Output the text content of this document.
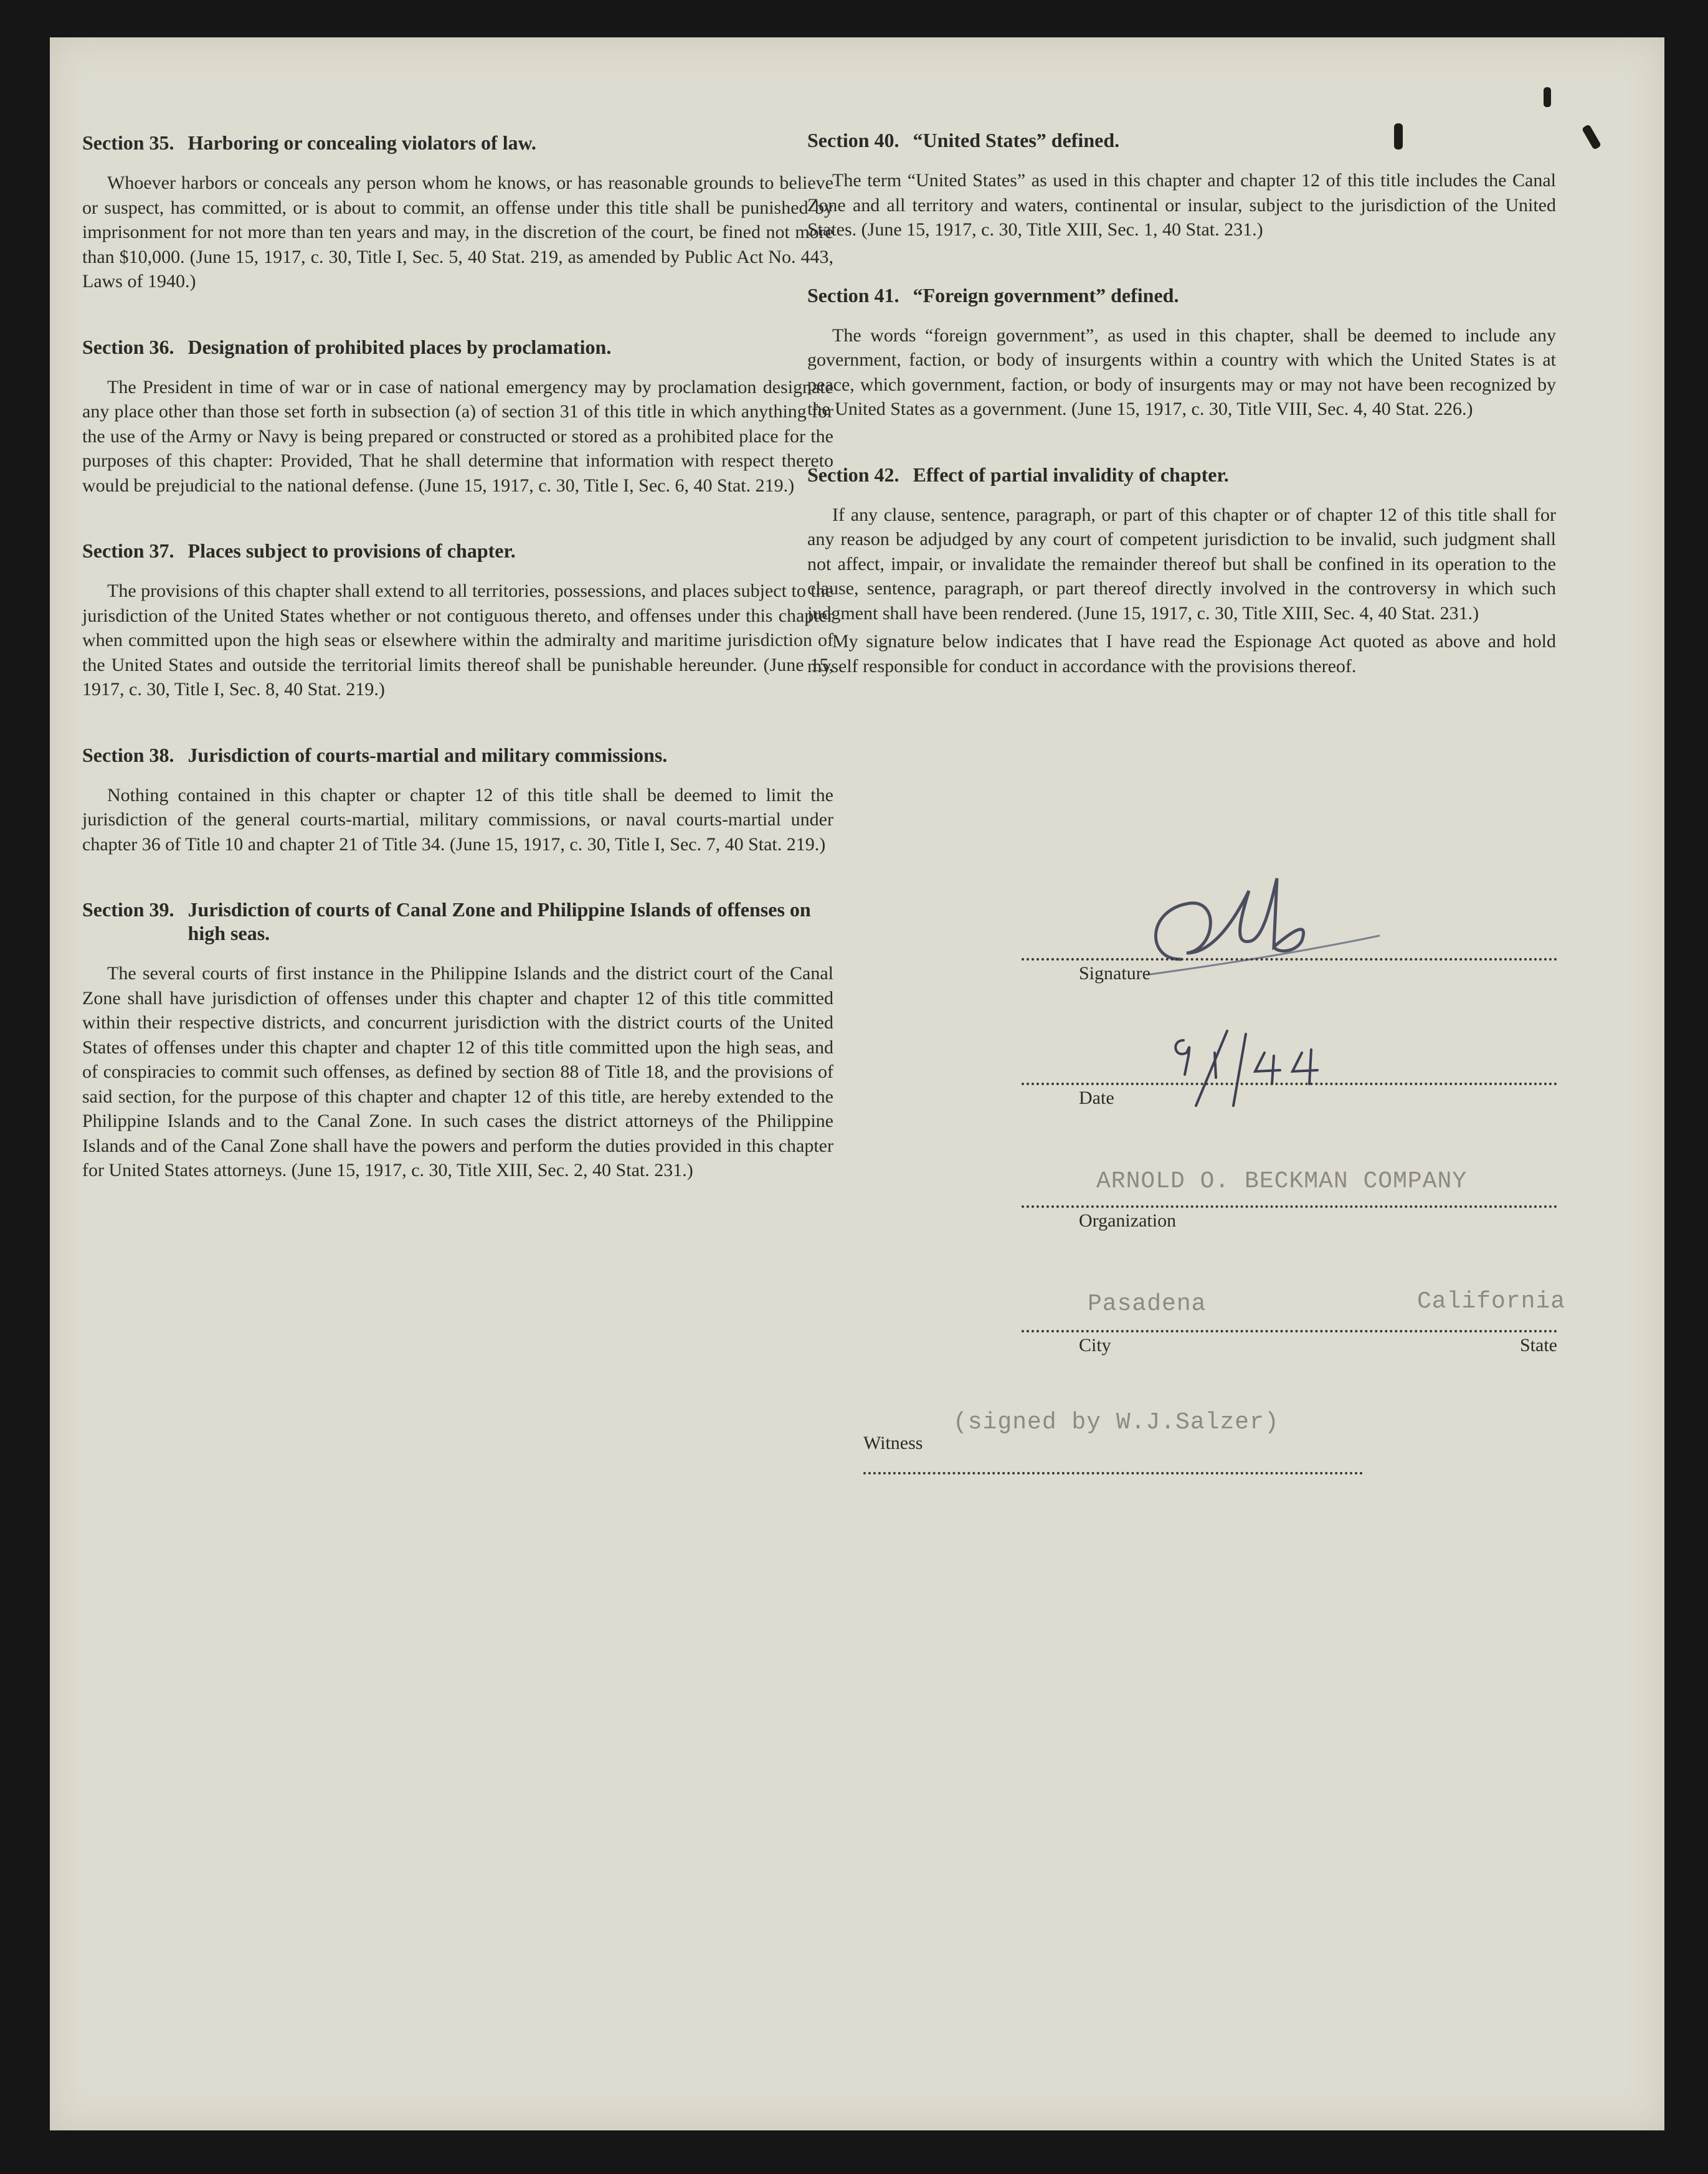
Section 35. Harboring or concealing violators of law.

Whoever harbors or conceals any person whom he knows, or has reasonable grounds to believe or suspect, has committed, or is about to commit, an offense under this title shall be punished by imprisonment for not more than ten years and may, in the discretion of the court, be fined not more than $10,000. (June 15, 1917, c. 30, Title I, Sec. 5, 40 Stat. 219, as amended by Public Act No. 443, Laws of 1940.)

Section 36. Designation of prohibited places by proclamation.

The President in time of war or in case of national emergency may by proclamation designate any place other than those set forth in subsection (a) of section 31 of this title in which anything for the use of the Army or Navy is being prepared or constructed or stored as a prohibited place for the purposes of this chapter: Provided, That he shall determine that information with respect thereto would be prejudicial to the national defense. (June 15, 1917, c. 30, Title I, Sec. 6, 40 Stat. 219.)

Section 37. Places subject to provisions of chapter.

The provisions of this chapter shall extend to all territories, possessions, and places subject to the jurisdiction of the United States whether or not contiguous thereto, and offenses under this chapter when committed upon the high seas or elsewhere within the admiralty and maritime jurisdiction of the United States and outside the territorial limits thereof shall be punishable hereunder. (June 15, 1917, c. 30, Title I, Sec. 8, 40 Stat. 219.)

Section 38. Jurisdiction of courts-martial and military commissions.

Nothing contained in this chapter or chapter 12 of this title shall be deemed to limit the jurisdiction of the general courts-martial, military commissions, or naval courts-martial under chapter 36 of Title 10 and chapter 21 of Title 34. (June 15, 1917, c. 30, Title I, Sec. 7, 40 Stat. 219.)

Section 39. Jurisdiction of courts of Canal Zone and Philippine Islands of offenses on high seas.

The several courts of first instance in the Philippine Islands and the district court of the Canal Zone shall have jurisdiction of offenses under this chapter and chapter 12 of this title committed within their respective districts, and concurrent jurisdiction with the district courts of the United States of offenses under this chapter and chapter 12 of this title committed upon the high seas, and of conspiracies to commit such offenses, as defined by section 88 of Title 18, and the provisions of said section, for the purpose of this chapter and chapter 12 of this title, are hereby extended to the Philippine Islands and to the Canal Zone. In such cases the district attorneys of the Philippine Islands and of the Canal Zone shall have the powers and perform the duties provided in this chapter for United States attorneys. (June 15, 1917, c. 30, Title XIII, Sec. 2, 40 Stat. 231.)

Section 40. “United States” defined.

The term “United States” as used in this chapter and chapter 12 of this title includes the Canal Zone and all territory and waters, continental or insular, subject to the jurisdiction of the United States. (June 15, 1917, c. 30, Title XIII, Sec. 1, 40 Stat. 231.)

Section 41. “Foreign government” defined.

The words “foreign government”, as used in this chapter, shall be deemed to include any government, faction, or body of insurgents within a country with which the United States is at peace, which government, faction, or body of insurgents may or may not have been recognized by the United States as a government. (June 15, 1917, c. 30, Title VIII, Sec. 4, 40 Stat. 226.)

Section 42. Effect of partial invalidity of chapter.

If any clause, sentence, paragraph, or part of this chapter or of chapter 12 of this title shall for any reason be adjudged by any court of competent jurisdiction to be invalid, such judgment shall not affect, impair, or invalidate the remainder thereof but shall be confined in its operation to the clause, sentence, paragraph, or part thereof directly involved in the controversy in which such judgment shall have been rendered. (June 15, 1917, c. 30, Title XIII, Sec. 4, 40 Stat. 231.)

My signature below indicates that I have read the Espionage Act quoted as above and hold myself responsible for conduct in accordance with the provisions thereof.

Signature
Date
ARNOLD O. BECKMAN COMPANY
Organization
Pasadena	California
City	State
(signed by W.J.Salzer)
Witness
